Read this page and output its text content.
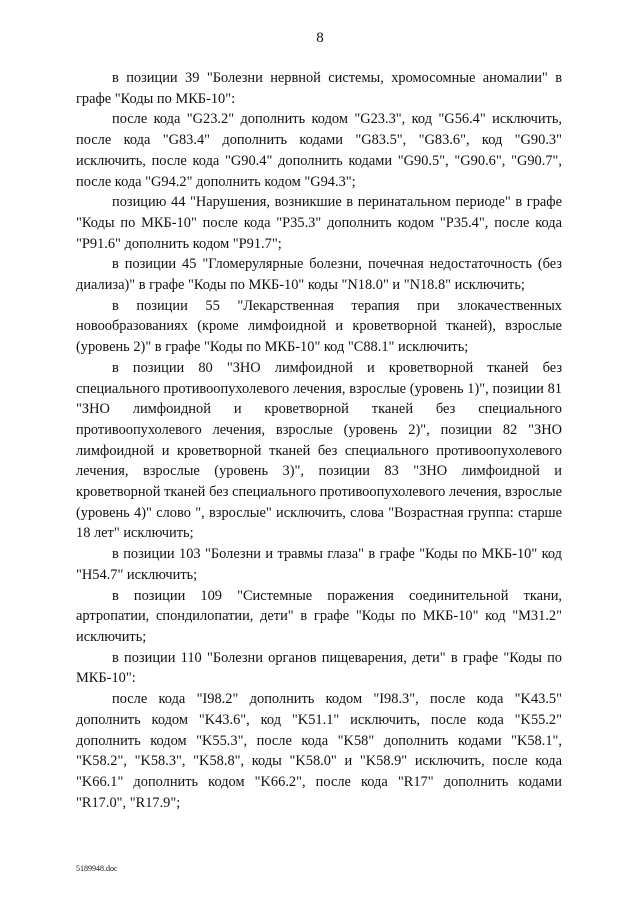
8

в позиции 39 "Болезни нервной системы, хромосомные аномалии" в графе "Коды по МКБ-10":

после кода "G23.2" дополнить кодом "G23.3", код "G56.4" исключить, после кода "G83.4" дополнить кодами "G83.5", "G83.6", код "G90.3" исключить, после кода "G90.4" дополнить кодами "G90.5", "G90.6", "G90.7", после кода "G94.2" дополнить кодом "G94.3";

позицию 44 "Нарушения, возникшие в перинатальном периоде" в графе "Коды по МКБ-10" после кода "P35.3" дополнить кодом "P35.4", после кода "P91.6" дополнить кодом "P91.7";

в позиции 45 "Гломерулярные болезни, почечная недостаточность (без диализа)" в графе "Коды по МКБ-10" коды "N18.0" и "N18.8" исключить;

в позиции 55 "Лекарственная терапия при злокачественных новообразованиях (кроме лимфоидной и кроветворной тканей), взрослые (уровень 2)" в графе "Коды по МКБ-10" код "C88.1" исключить;

в позиции 80 "ЗНО лимфоидной и кроветворной тканей без специального противоопухолевого лечения, взрослые (уровень 1)", позиции 81 "ЗНО лимфоидной и кроветворной тканей без специального противоопухолевого лечения, взрослые (уровень 2)", позиции 82 "ЗНО лимфоидной и кроветворной тканей без специального противоопухолевого лечения, взрослые (уровень 3)", позиции 83 "ЗНО лимфоидной и кроветворной тканей без специального противоопухолевого лечения, взрослые (уровень 4)" слово ", взрослые" исключить, слова "Возрастная группа: старше 18 лет" исключить;

в позиции 103 "Болезни и травмы глаза" в графе "Коды по МКБ-10" код "H54.7" исключить;

в позиции 109 "Системные поражения соединительной ткани, артропатии, спондилопатии, дети" в графе "Коды по МКБ-10" код "M31.2" исключить;

в позиции 110 "Болезни органов пищеварения, дети" в графе "Коды по МКБ-10":

после кода "I98.2" дополнить кодом "I98.3", после кода "K43.5" дополнить кодом "K43.6", код "K51.1" исключить, после кода "K55.2" дополнить кодом "K55.3", после кода "K58" дополнить кодами "K58.1", "K58.2", "K58.3", "K58.8", коды "K58.0" и "K58.9" исключить, после кода "K66.1" дополнить кодом "K66.2", после кода "R17" дополнить кодами "R17.0", "R17.9";

5189948.doc
